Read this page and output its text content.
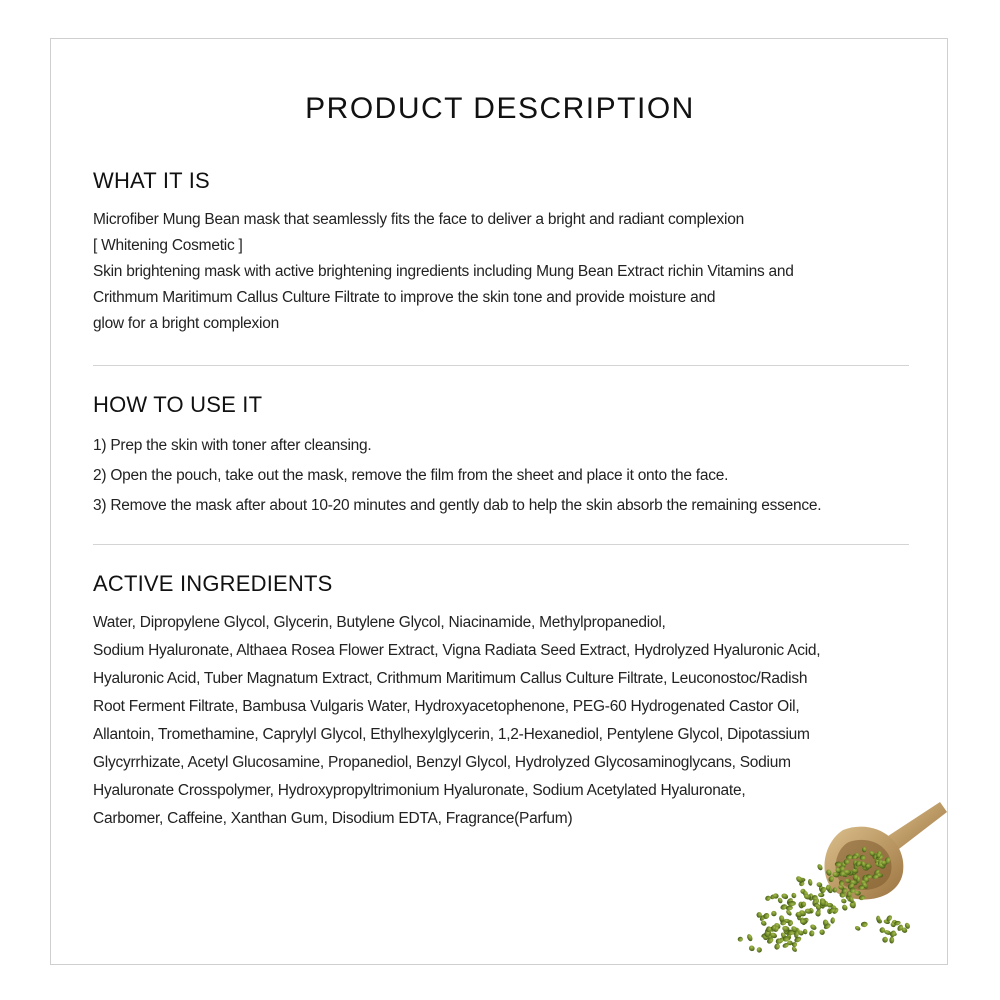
PRODUCT DESCRIPTION
WHAT IT IS

Microfiber Mung Bean mask that seamlessly fits the face to deliver a bright and radiant complexion

[ Whitening Cosmetic ]

Skin brightening mask with active brightening ingredients including Mung Bean Extract richin Vitamins and

Crithmum Maritimum Callus Culture Filtrate to improve the skin tone and provide moisture and

glow for a bright complexion

HOW TO USE IT

1) Prep the skin with toner after cleansing.

2) Open the pouch, take out the mask, remove the film from the sheet and place it onto the face.

3) Remove the mask after about 10-20 minutes and gently dab to help the skin absorb the remaining essence.

ACTIVE INGREDIENTS

Water, Dipropylene Glycol, Glycerin, Butylene Glycol, Niacinamide, Methylpropanediol,

Sodium Hyaluronate, Althaea Rosea Flower Extract, Vigna Radiata Seed Extract, Hydrolyzed Hyaluronic Acid,

Hyaluronic Acid, Tuber Magnatum Extract, Crithmum Maritimum Callus Culture Filtrate, Leuconostoc/Radish

Root Ferment Filtrate, Bambusa Vulgaris Water, Hydroxyacetophenone, PEG-60 Hydrogenated Castor Oil,

Allantoin, Tromethamine, Caprylyl Glycol, Ethylhexylglycerin, 1,2-Hexanediol, Pentylene Glycol, Dipotassium

Glycyrrhizate, Acetyl Glucosamine, Propanediol, Benzyl Glycol, Hydrolyzed Glycosaminoglycans, Sodium

Hyaluronate Crosspolymer, Hydroxypropyltrimonium Hyaluronate, Sodium Acetylated Hyaluronate,

Carbomer, Caffeine, Xanthan Gum, Disodium EDTA, Fragrance(Parfum)
